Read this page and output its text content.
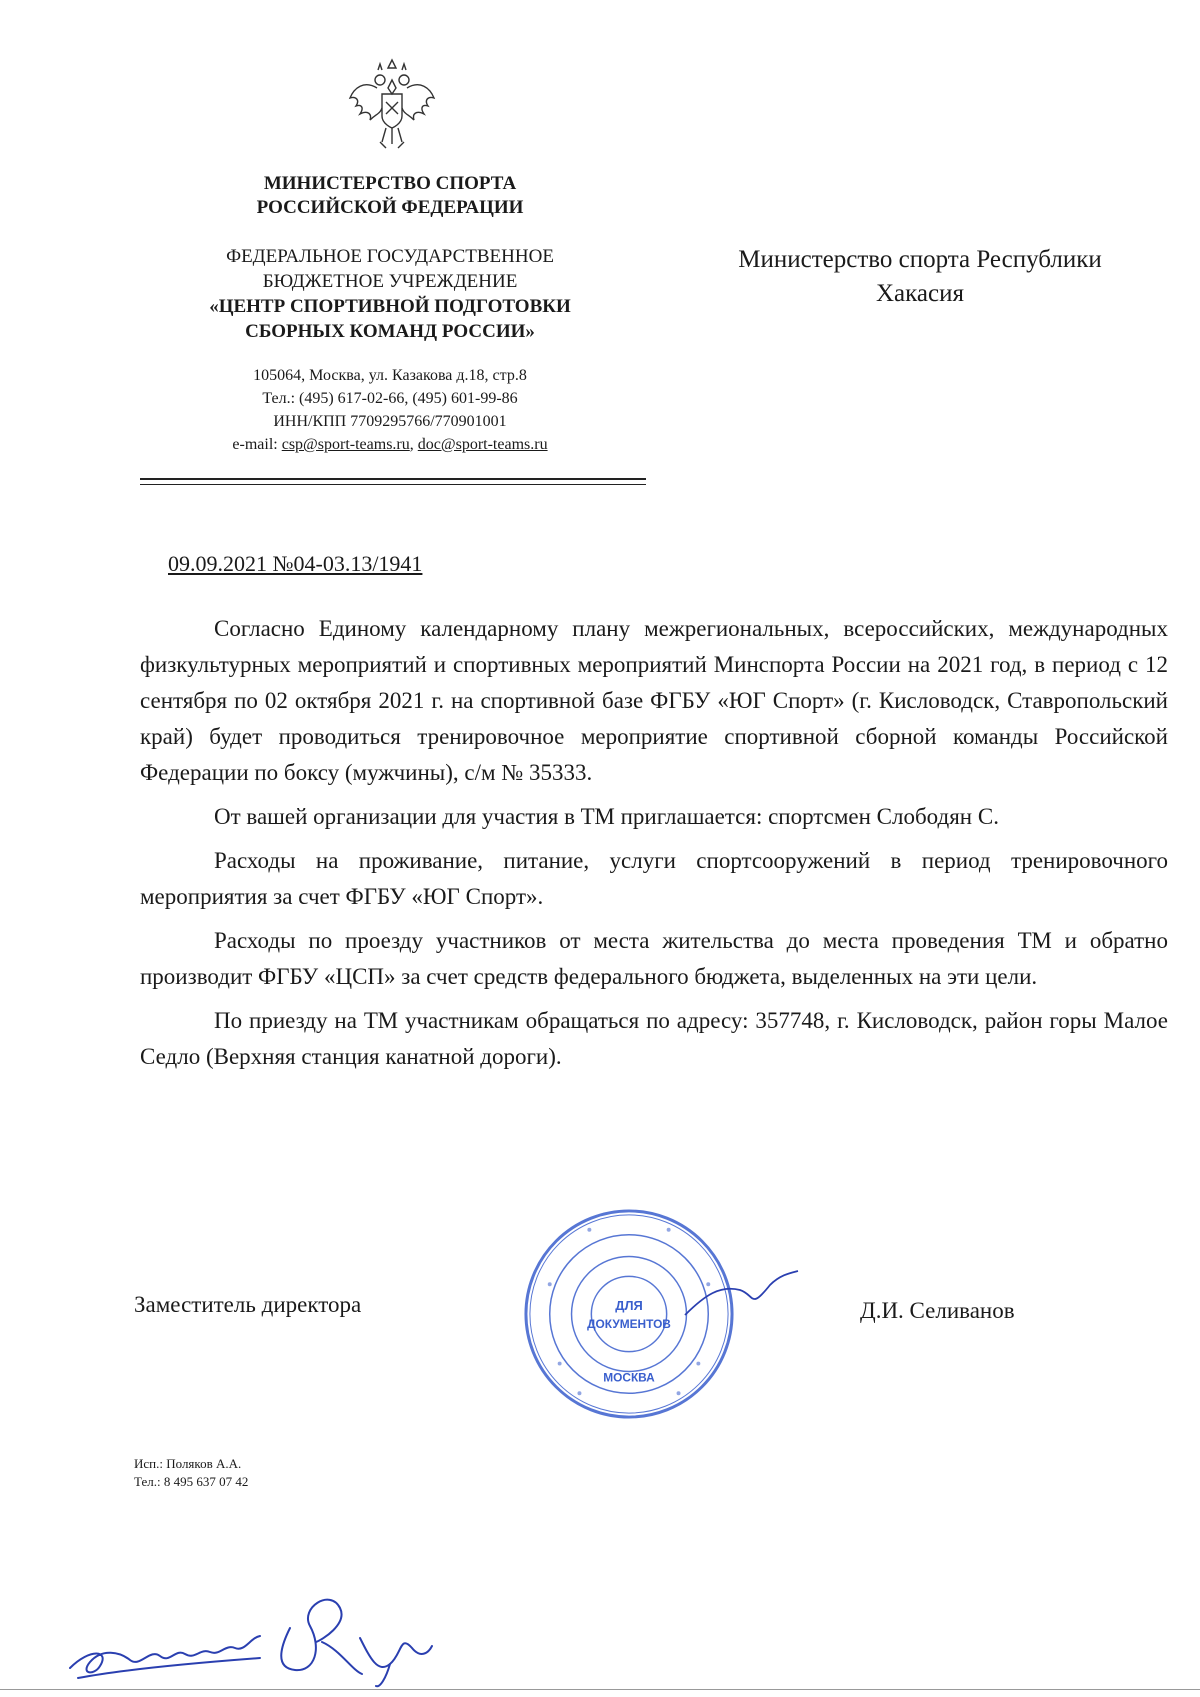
МИНИСТЕРСТВО СПОРТА
РОССИЙСКОЙ ФЕДЕРАЦИИ
ФЕДЕРАЛЬНОЕ ГОСУДАРСТВЕННОЕ
БЮДЖЕТНОЕ УЧРЕЖДЕНИЕ
«ЦЕНТР СПОРТИВНОЙ ПОДГОТОВКИ
СБОРНЫХ КОМАНД РОССИИ»
105064, Москва, ул. Казакова д.18, стр.8
Тел.: (495) 617-02-66, (495) 601-99-86
ИНН/КПП 7709295766/770901001
e-mail: csp@sport-teams.ru, doc@sport-teams.ru
Министерство спорта Республики
Хакасия
09.09.2021 №04-03.13/1941

Согласно Единому календарному плану межрегиональных, всероссийских, международных физкультурных мероприятий и спортивных мероприятий Минспорта России на 2021 год, в период с 12 сентября по 02 октября 2021 г. на спортивной базе ФГБУ «ЮГ Спорт» (г. Кисловодск, Ставропольский край) будет проводиться тренировочное мероприятие спортивной сборной команды Российской Федерации по боксу (мужчины), с/м № 35333.

От вашей организации для участия в ТМ приглашается: спортсмен Слободян С.

Расходы на проживание, питание, услуги спортсооружений в период тренировочного мероприятия за счет ФГБУ «ЮГ Спорт».

Расходы по проезду участников от места жительства до места проведения ТМ и обратно производит ФГБУ «ЦСП» за счет средств федерального бюджета, выделенных на эти цели.

По приезду на ТМ участникам обращаться по адресу: 357748, г. Кисловодск, район горы Малое Седло (Верхняя станция канатной дороги).

Заместитель директора	Д.И. Селиванов
ДЛЯ
ДОКУМЕНТОВ
МОСКВА
Исп.: Поляков А.А.
Тел.: 8 495 637 07 42
